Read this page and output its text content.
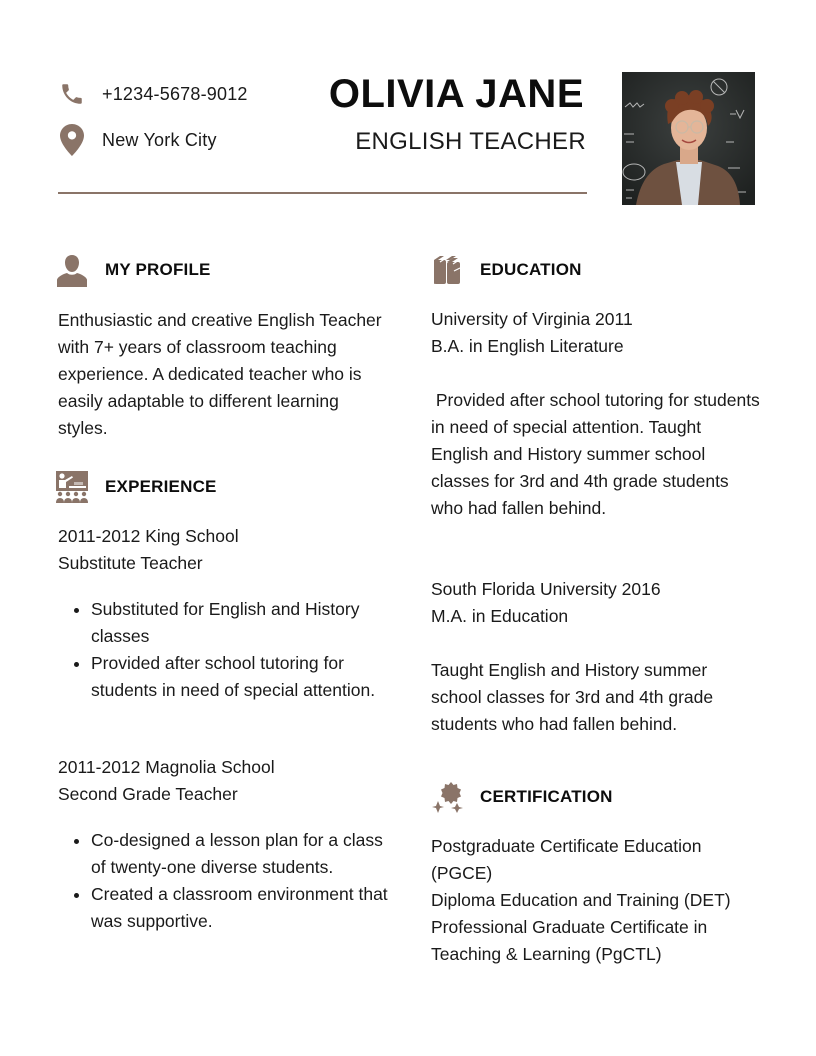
+1234-5678-9012
New York City
OLIVIA JANE
ENGLISH TEACHER
MY PROFILE

Enthusiastic and creative English Teacher with 7+ years of classroom teaching experience. A dedicated teacher who is easily adaptable to different learning styles.

EXPERIENCE

2011-2012 King School

Substitute Teacher

• Substituted for English and History classes
• Provided after school tutoring for students in need of special attention.

2011-2012 Magnolia School

Second Grade Teacher

• Co-designed a lesson plan for a class of twenty-one diverse students.
• Created a classroom environment that was supportive.
EDUCATION

University of Virginia 2011

B.A. in English Literature

Provided after school tutoring for students in need of special attention. Taught English and History summer school classes for 3rd and 4th grade students who had fallen behind.

South Florida University 2016

M.A. in Education

Taught English and History summer school classes for 3rd and 4th grade students who had fallen behind.

CERTIFICATION

Postgraduate Certificate Education (PGCE)

Diploma Education and Training (DET)

Professional Graduate Certificate in Teaching & Learning (PgCTL)
